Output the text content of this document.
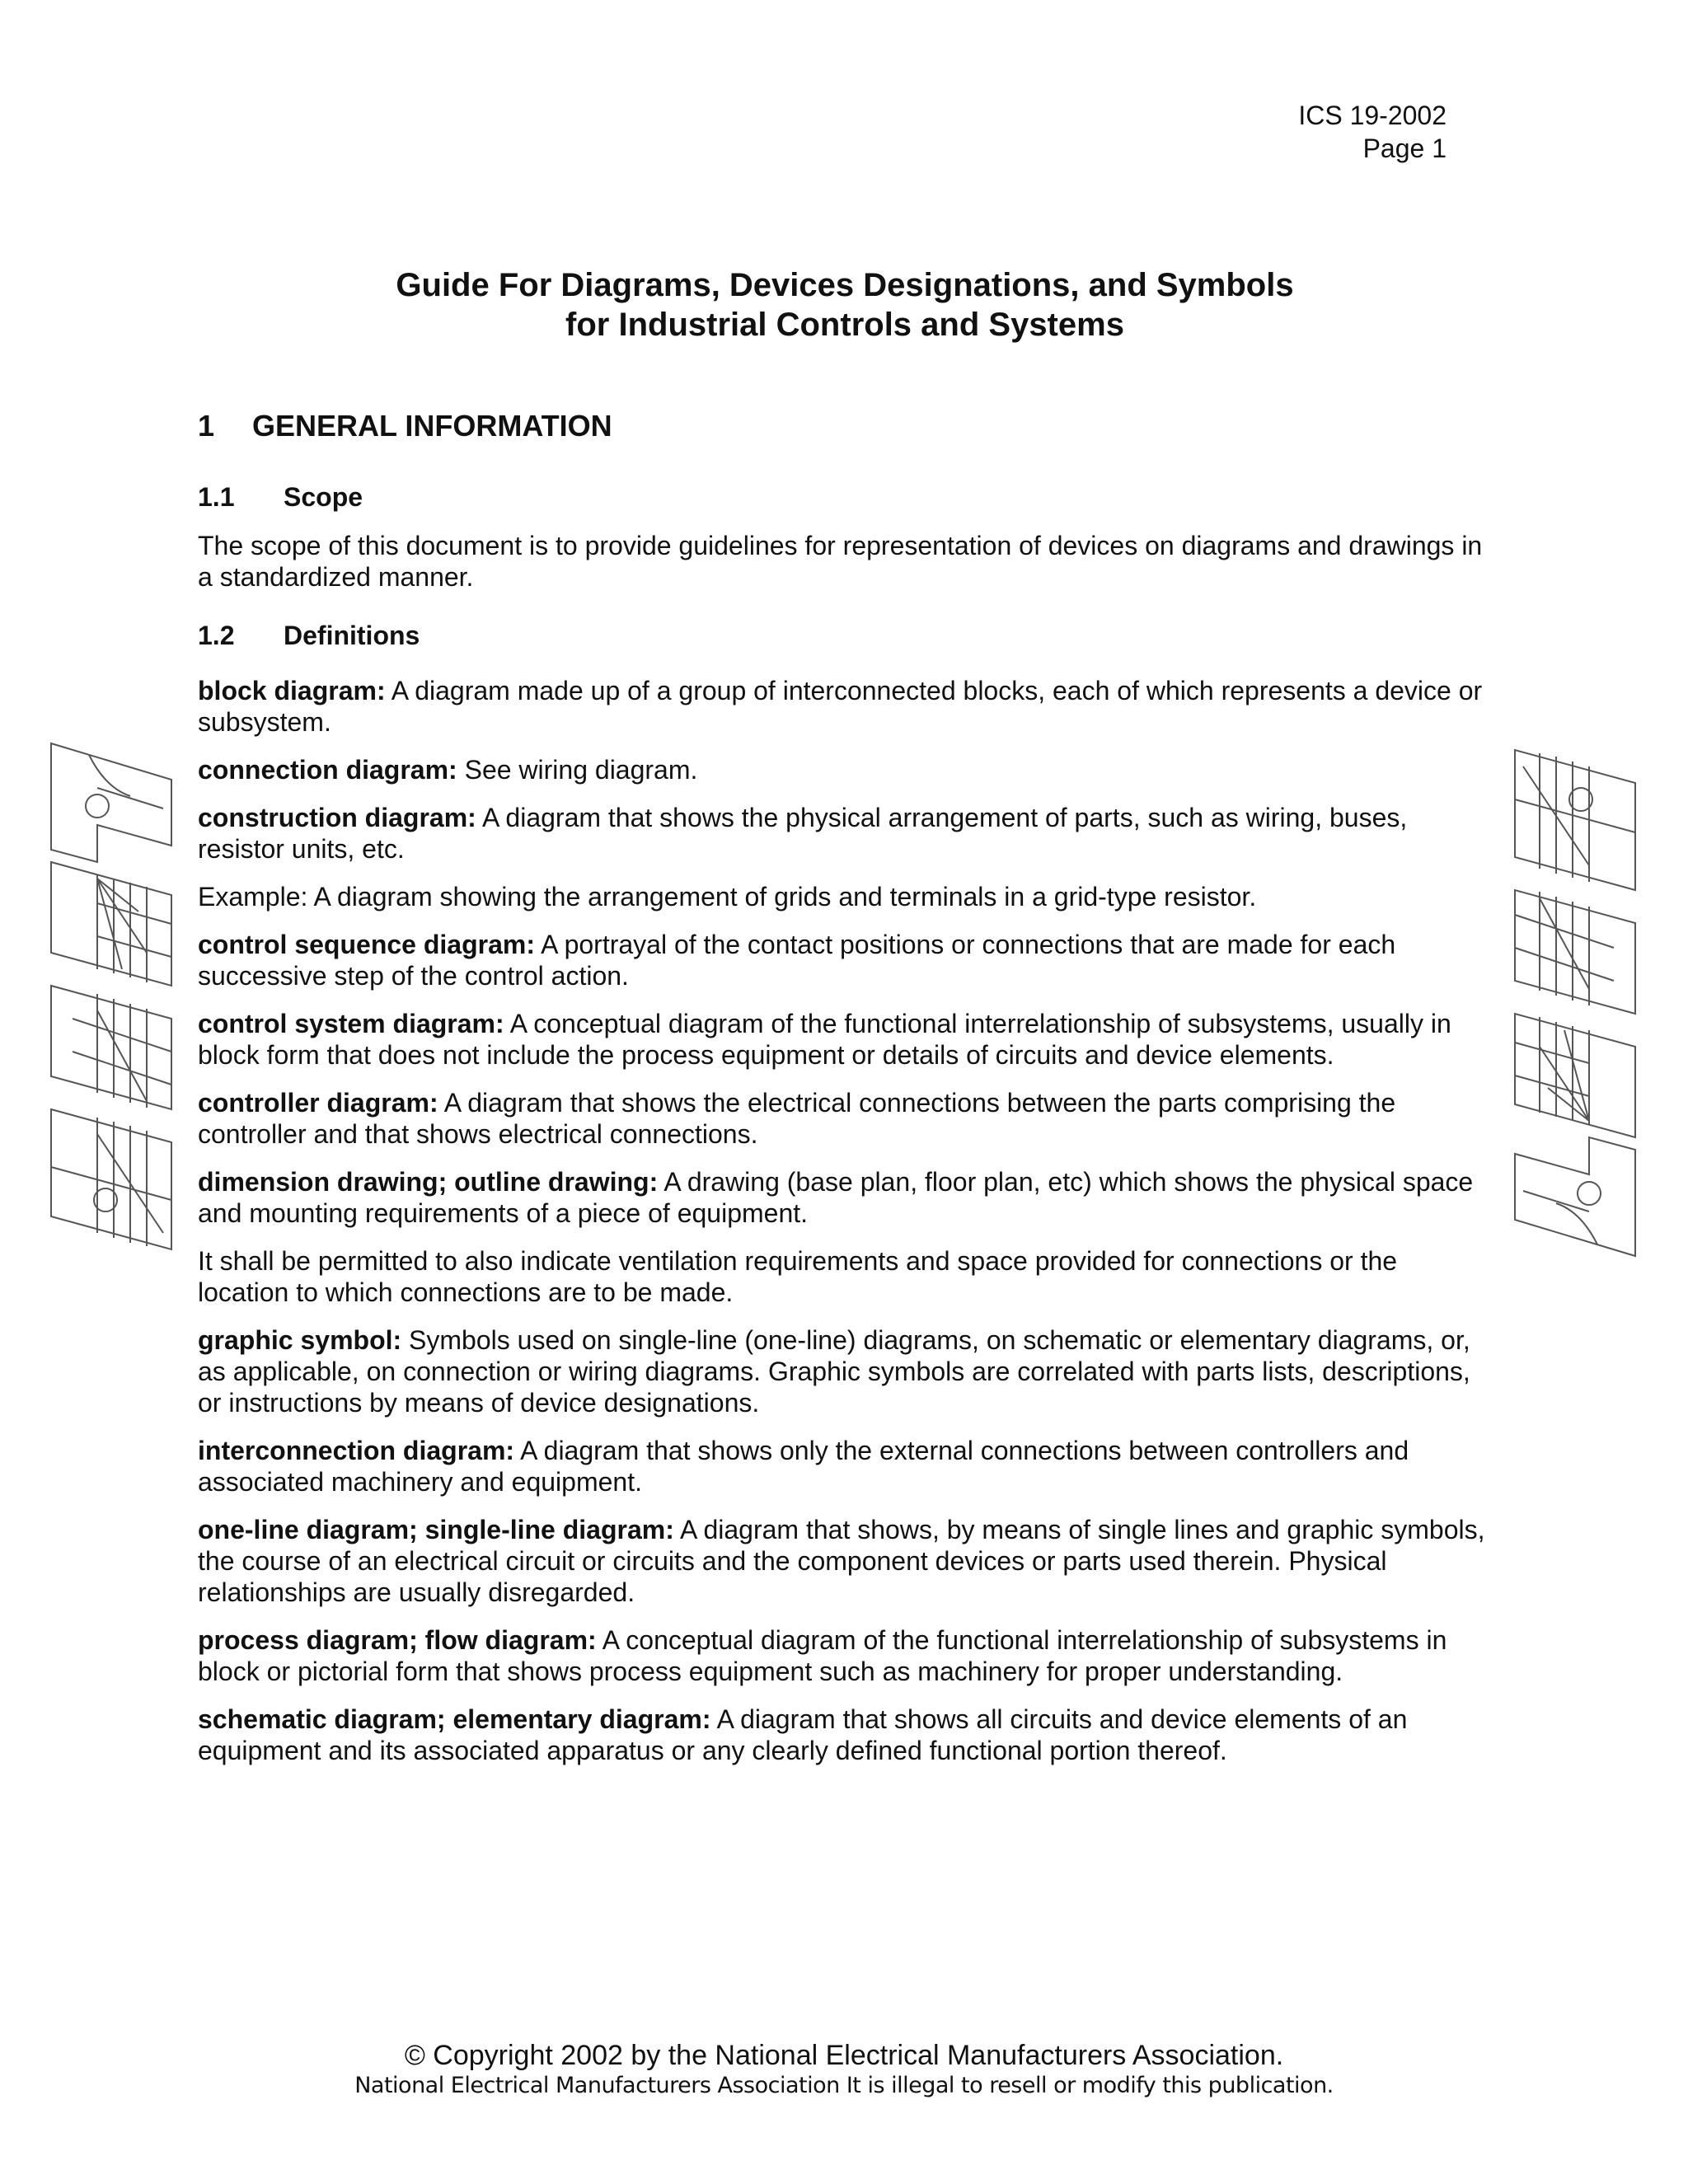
ICS 19-2002
Page 1
Guide For Diagrams, Devices Designations, and Symbols
for Industrial Controls and Systems
1	GENERAL INFORMATION
1.1	Scope

The scope of this document is to provide guidelines for representation of devices on diagrams and drawings in a standardized manner.

1.2	Definitions

block diagram: A diagram made up of a group of interconnected blocks, each of which represents a device or subsystem.

connection diagram: See wiring diagram.

construction diagram: A diagram that shows the physical arrangement of parts, such as wiring, buses, resistor units, etc.

Example: A diagram showing the arrangement of grids and terminals in a grid-type resistor.

control sequence diagram: A portrayal of the contact positions or connections that are made for each successive step of the control action.

control system diagram: A conceptual diagram of the functional interrelationship of subsystems, usually in block form that does not include the process equipment or details of circuits and device elements.

controller diagram: A diagram that shows the electrical connections between the parts comprising the controller and that shows electrical connections.

dimension drawing; outline drawing: A drawing (base plan, floor plan, etc) which shows the physical space and mounting requirements of a piece of equipment.

It shall be permitted to also indicate ventilation requirements and space provided for connections or the location to which connections are to be made.

graphic symbol: Symbols used on single-line (one-line) diagrams, on schematic or elementary diagrams, or, as applicable, on connection or wiring diagrams. Graphic symbols are correlated with parts lists, descriptions, or instructions by means of device designations.

interconnection diagram: A diagram that shows only the external connections between controllers and associated machinery and equipment.

one-line diagram; single-line diagram: A diagram that shows, by means of single lines and graphic symbols, the course of an electrical circuit or circuits and the component devices or parts used therein. Physical relationships are usually disregarded.

process diagram; flow diagram: A conceptual diagram of the functional interrelationship of subsystems in block or pictorial form that shows process equipment such as machinery for proper understanding.

schematic diagram; elementary diagram: A diagram that shows all circuits and device elements of an equipment and its associated apparatus or any clearly defined functional portion thereof.

© Copyright 2002 by the National Electrical Manufacturers Association.
National Electrical Manufacturers Association It is illegal to resell or modify this publication.
